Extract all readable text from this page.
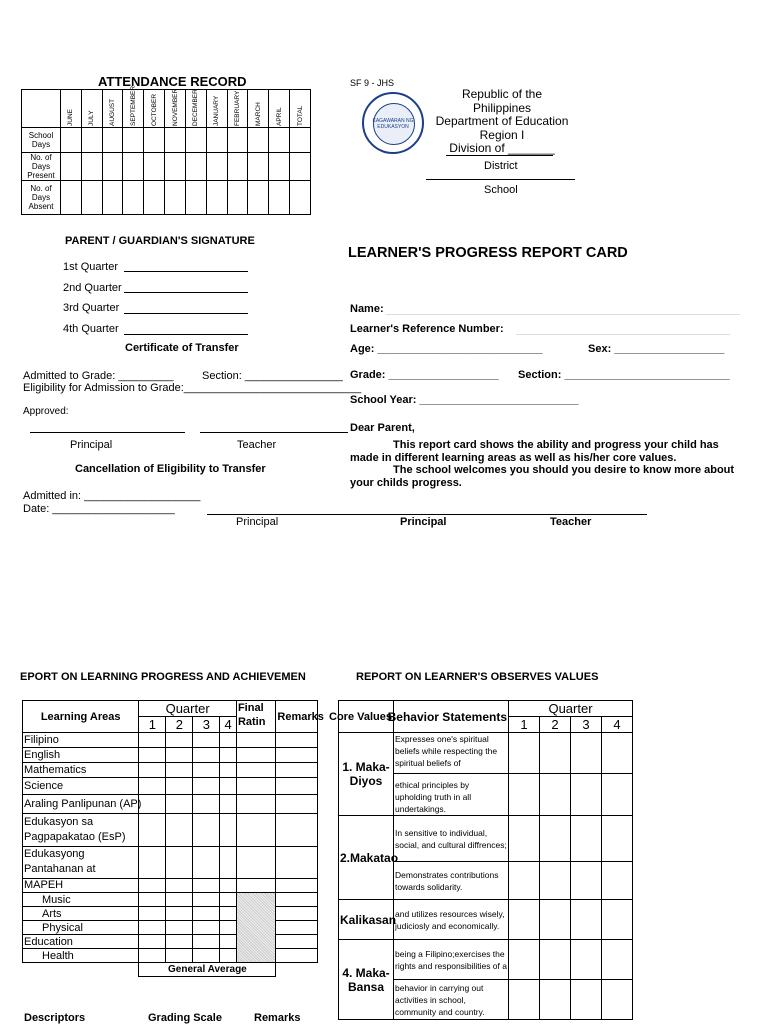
ATTENDANCE RECORD

	JUNE	JULY	AUGUST	SEPTEMBER	OCTOBER	NOVEMBER	DECEMBER	JANUARY	FEBRUARY	MARCH	APRIL	TOTAL

School Days												
No. of Days Present												
No. of Days Absent												
SF 9 - JHS
KAGAWARAN NG EDUKASYON
Republic of the Philippines
Department of Education
Region I
Division of _______
District
School
PARENT / GUARDIAN'S SIGNATURE
1st Quarter
2nd Quarter
3rd Quarter
4th Quarter
Certificate of Transfer
Admitted to Grade: _________	Section: ________________
Eligibility for Admission to Grade:_____________________________
Approved:
Principal	Teacher
Cancellation of Eligibility to Transfer
Admitted in: ___________________
Date: ____________________
Principal
LEARNER'S PROGRESS REPORT CARD
Name:
Learner's Reference Number:
Age: ___________________________	Sex: __________________
Grade: __________________ Section: ___________________________
School Year: __________________________
Dear Parent,
This report card shows the ability and progress your child has made in different learning areas as well as his/her core values.
The school welcomes you should you desire to know more about your childs progress.
Principal	Teacher
EPORT ON LEARNING PROGRESS AND ACHIEVEMEN
Learning Areas	Quarter				Final Ratin	Remarks
	1	2	3	4		
Filipino						
English						
Mathematics						
Science						
Araling Panlipunan (AP)						
Edukasyon sa Pagpapakatao (EsP)						
Edukasyong Pantahanan at						
MAPEH						
Music						
Arts						
Physical						
Education						
Health						
	General Average					
Descriptors	Grading Scale	Remarks
REPORT ON LEARNER'S OBSERVES VALUES
Core Values	Behavior Statements	Quarter			
		1	2	3	4
1. Maka-Diyos	Expresses one's spiritual beliefs while respecting the spiritual beliefs of				
	ethical principles by upholding truth in all undertakings.				
2.Makatao	In sensitive to individual, social, and cultural diffrences;				
	Demonstrates contributions towards solidarity.				
Kalikasan	and utilizes resources wisely, judiciosly and economically.				
4. Maka-Bansa	being a Filipino;exercises the rights and responsibilities of a				
	behavior in carrying out activities in school, community and country.				
